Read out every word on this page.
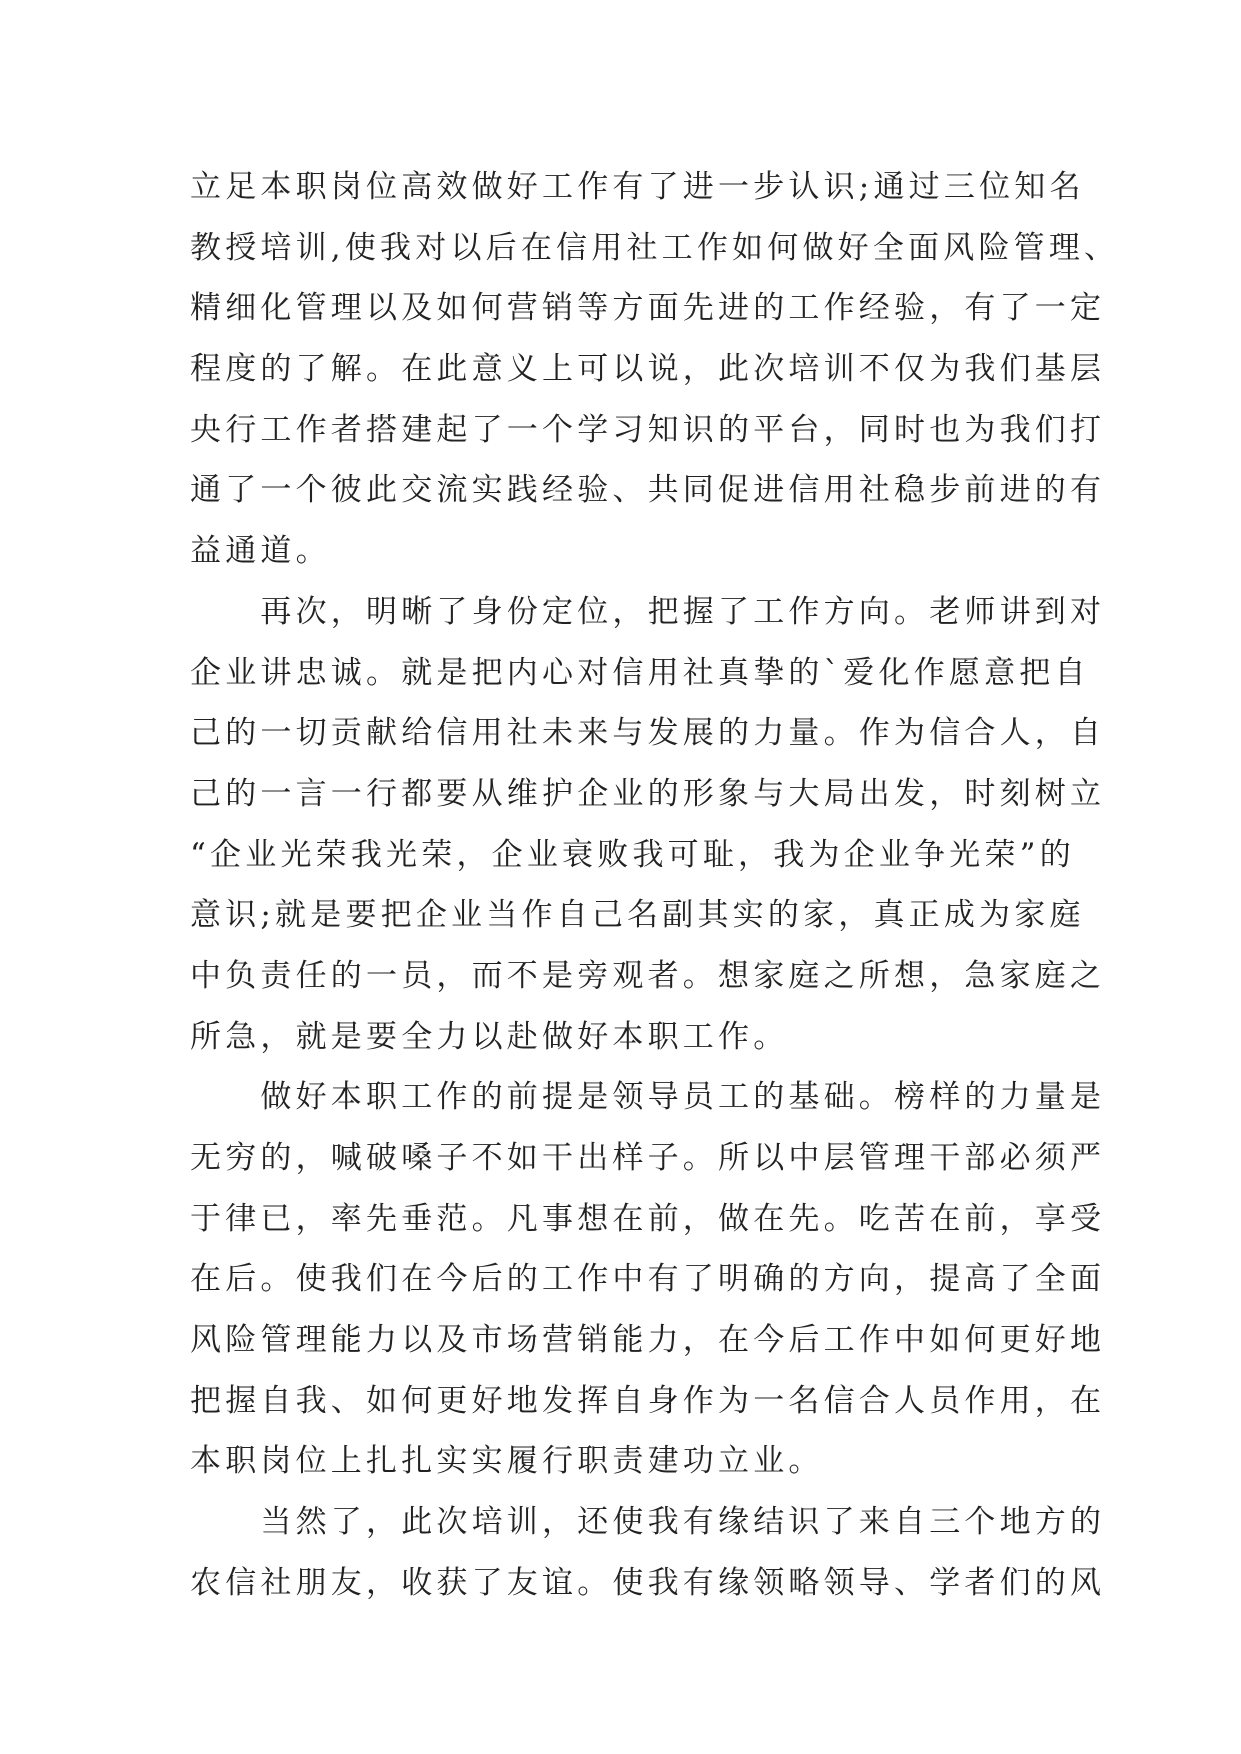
立足本职岗位高效做好工作有了进一步认识;通过三位知名
教授培训,使我对以后在信用社工作如何做好全面风险管理、
精细化管理以及如何营销等方面先进的工作经验，有了一定
程度的了解。在此意义上可以说，此次培训不仅为我们基层
央行工作者搭建起了一个学习知识的平台，同时也为我们打
通了一个彼此交流实践经验、共同促进信用社稳步前进的有
益通道。
　　再次，明晰了身份定位，把握了工作方向。老师讲到对
企业讲忠诚。就是把内心对信用社真挚的`爱化作愿意把自
己的一切贡献给信用社未来与发展的力量。作为信合人，自
己的一言一行都要从维护企业的形象与大局出发，时刻树立
“企业光荣我光荣，企业衰败我可耻，我为企业争光荣”的
意识;就是要把企业当作自己名副其实的家，真正成为家庭
中负责任的一员，而不是旁观者。想家庭之所想，急家庭之
所急，就是要全力以赴做好本职工作。
　　做好本职工作的前提是领导员工的基础。榜样的力量是
无穷的，喊破嗓子不如干出样子。所以中层管理干部必须严
于律已，率先垂范。凡事想在前，做在先。吃苦在前，享受
在后。使我们在今后的工作中有了明确的方向，提高了全面
风险管理能力以及市场营销能力，在今后工作中如何更好地
把握自我、如何更好地发挥自身作为一名信合人员作用，在
本职岗位上扎扎实实履行职责建功立业。
　　当然了，此次培训，还使我有缘结识了来自三个地方的
农信社朋友，收获了友谊。使我有缘领略领导、学者们的风
